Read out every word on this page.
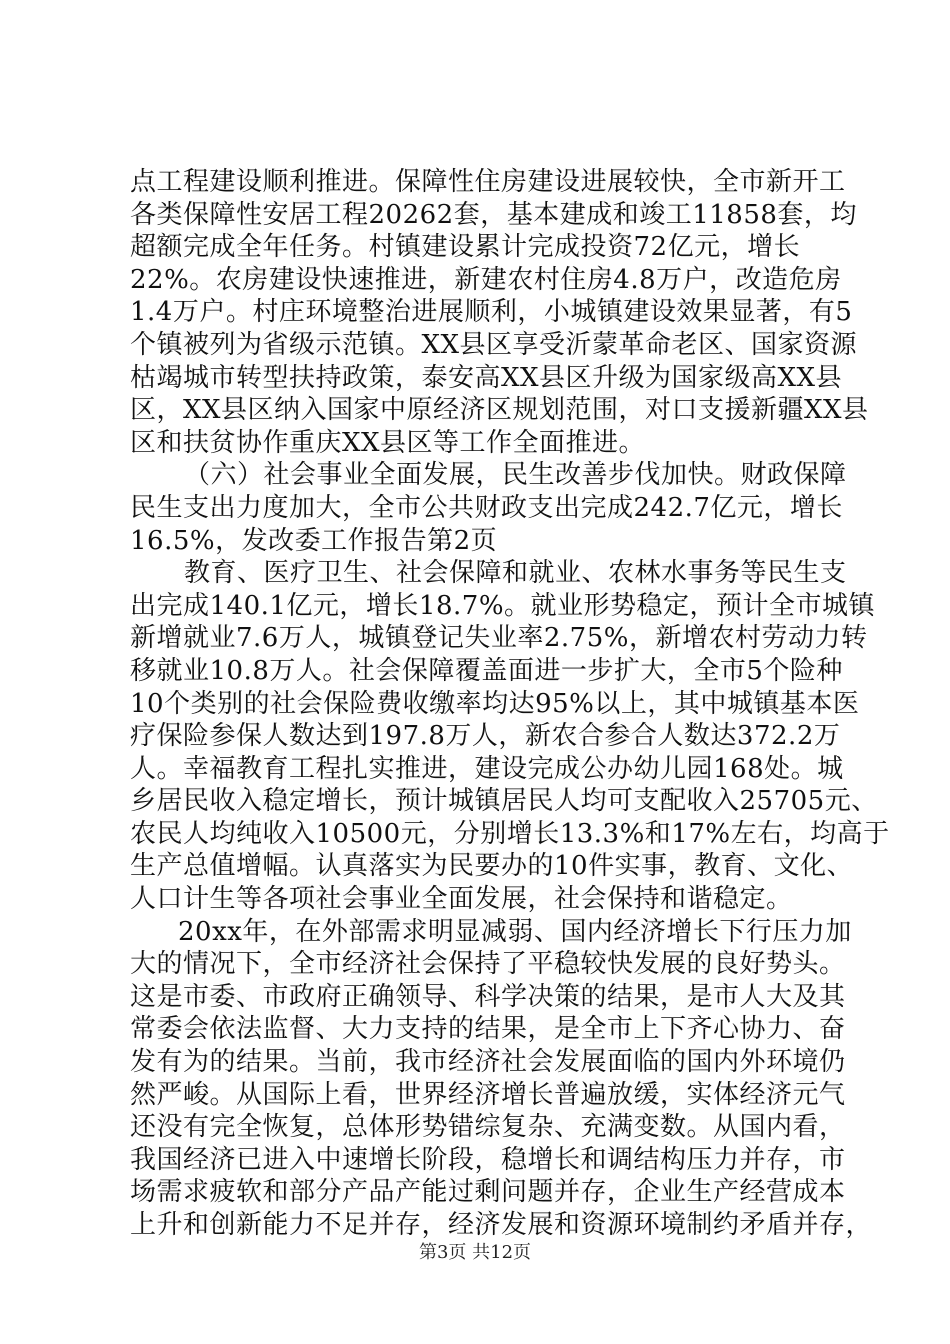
点工程建设顺利推进。保障性住房建设进展较快，全市新开工
各类保障性安居工程20262套，基本建成和竣工11858套，均
超额完成全年任务。村镇建设累计完成投资72亿元，增长
22%。农房建设快速推进，新建农村住房4.8万户，改造危房
1.4万户。村庄环境整治进展顺利，小城镇建设效果显著，有5
个镇被列为省级示范镇。XX县区享受沂蒙革命老区、国家资源
枯竭城市转型扶持政策，泰安高XX县区升级为国家级高XX县
区，XX县区纳入国家中原经济区规划范围，对口支援新疆XX县
区和扶贫协作重庆XX县区等工作全面推进。
（六）社会事业全面发展，民生改善步伐加快。财政保障
民生支出力度加大，全市公共财政支出完成242.7亿元，增长
16.5%，发改委工作报告第2页
教育、医疗卫生、社会保障和就业、农林水事务等民生支
出完成140.1亿元，增长18.7%。就业形势稳定，预计全市城镇
新增就业7.6万人，城镇登记失业率2.75%，新增农村劳动力转
移就业10.8万人。社会保障覆盖面进一步扩大，全市5个险种
10个类别的社会保险费收缴率均达95%以上，其中城镇基本医
疗保险参保人数达到197.8万人，新农合参合人数达372.2万
人。幸福教育工程扎实推进，建设完成公办幼儿园168处。城
乡居民收入稳定增长，预计城镇居民人均可支配收入25705元、
农民人均纯收入10500元，分别增长13.3%和17%左右，均高于
生产总值增幅。认真落实为民要办的10件实事，教育、文化、
人口计生等各项社会事业全面发展，社会保持和谐稳定。
20xx年，在外部需求明显减弱、国内经济增长下行压力加
大的情况下，全市经济社会保持了平稳较快发展的良好势头。
这是市委、市政府正确领导、科学决策的结果，是市人大及其
常委会依法监督、大力支持的结果，是全市上下齐心协力、奋
发有为的结果。当前，我市经济社会发展面临的国内外环境仍
然严峻。从国际上看，世界经济增长普遍放缓，实体经济元气
还没有完全恢复，总体形势错综复杂、充满变数。从国内看，
我国经济已进入中速增长阶段，稳增长和调结构压力并存，市
场需求疲软和部分产品产能过剩问题并存，企业生产经营成本
上升和创新能力不足并存，经济发展和资源环境制约矛盾并存，
第3页 共12页
